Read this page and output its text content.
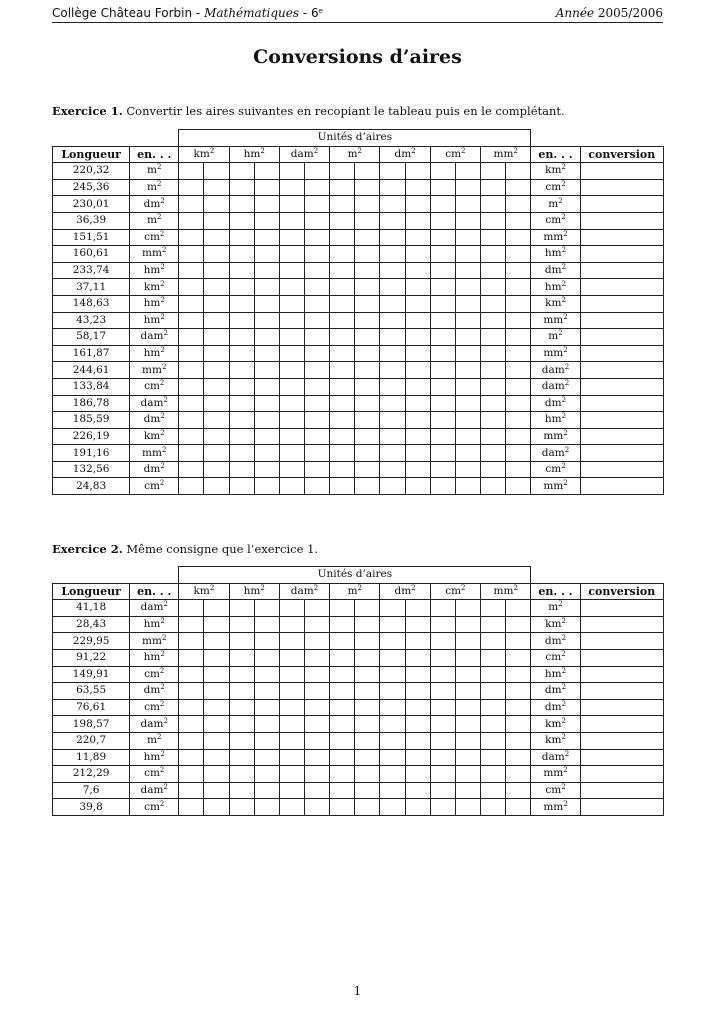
Collège Château Forbin - Mathématiques - 6e	Année 2005/2006
Conversions d’aires
Exercice 1. Convertir les aires suivantes en recopiant le tableau puis en le complétant.
		Unités d’aires															
Longueur	en. . .	$km^2$		$hm^2$		dam$^2$		$m^2$		$dm^2$		$cm^2$		$mm^2$		en. . .	conversion
220,32	$m^2$															$km^2$	
245,36	$m^2$															$cm^2$	
230,01	$dm^2$															$m^2$	
36,39	$m^2$															$cm^2$	
151,51	$cm^2$															$mm^2$	
160,61	$mm^2$															$hm^2$	
233,74	$hm^2$															$dm^2$	
37,11	$km^2$															$hm^2$	
148,63	$hm^2$															$km^2$	
43,23	$hm^2$															$mm^2$	
58,17	dam$^2$															$m^2$	
161,87	$hm^2$															$mm^2$	
244,61	$mm^2$															dam$^2$	
133,84	$cm^2$															dam$^2$	
186,78	dam$^2$															$dm^2$	
185,59	$dm^2$															$hm^2$	
226,19	$km^2$															$mm^2$	
191,16	$mm^2$															dam$^2$	
132,56	$dm^2$															$cm^2$	
24,83	$cm^2$															$mm^2$	
Exercice 2. Même consigne que l’exercice 1.
		Unités d’aires															
Longueur	en. . .	$km^2$		$hm^2$		dam$^2$		$m^2$		$dm^2$		$cm^2$		$mm^2$		en. . .	conversion
41,18	dam$^2$															$m^2$	
28,43	$hm^2$															$km^2$	
229,95	$mm^2$															$dm^2$	
91,22	$hm^2$															$cm^2$	
149,91	$cm^2$															$hm^2$	
63,55	$dm^2$															$dm^2$	
76,61	$cm^2$															$dm^2$	
198,57	dam$^2$															$km^2$	
220,7	$m^2$															$km^2$	
11,89	$hm^2$															dam$^2$	
212,29	$cm^2$															$mm^2$	
7,6	dam$^2$															$cm^2$	
39,8	$cm^2$															$mm^2$	
1
